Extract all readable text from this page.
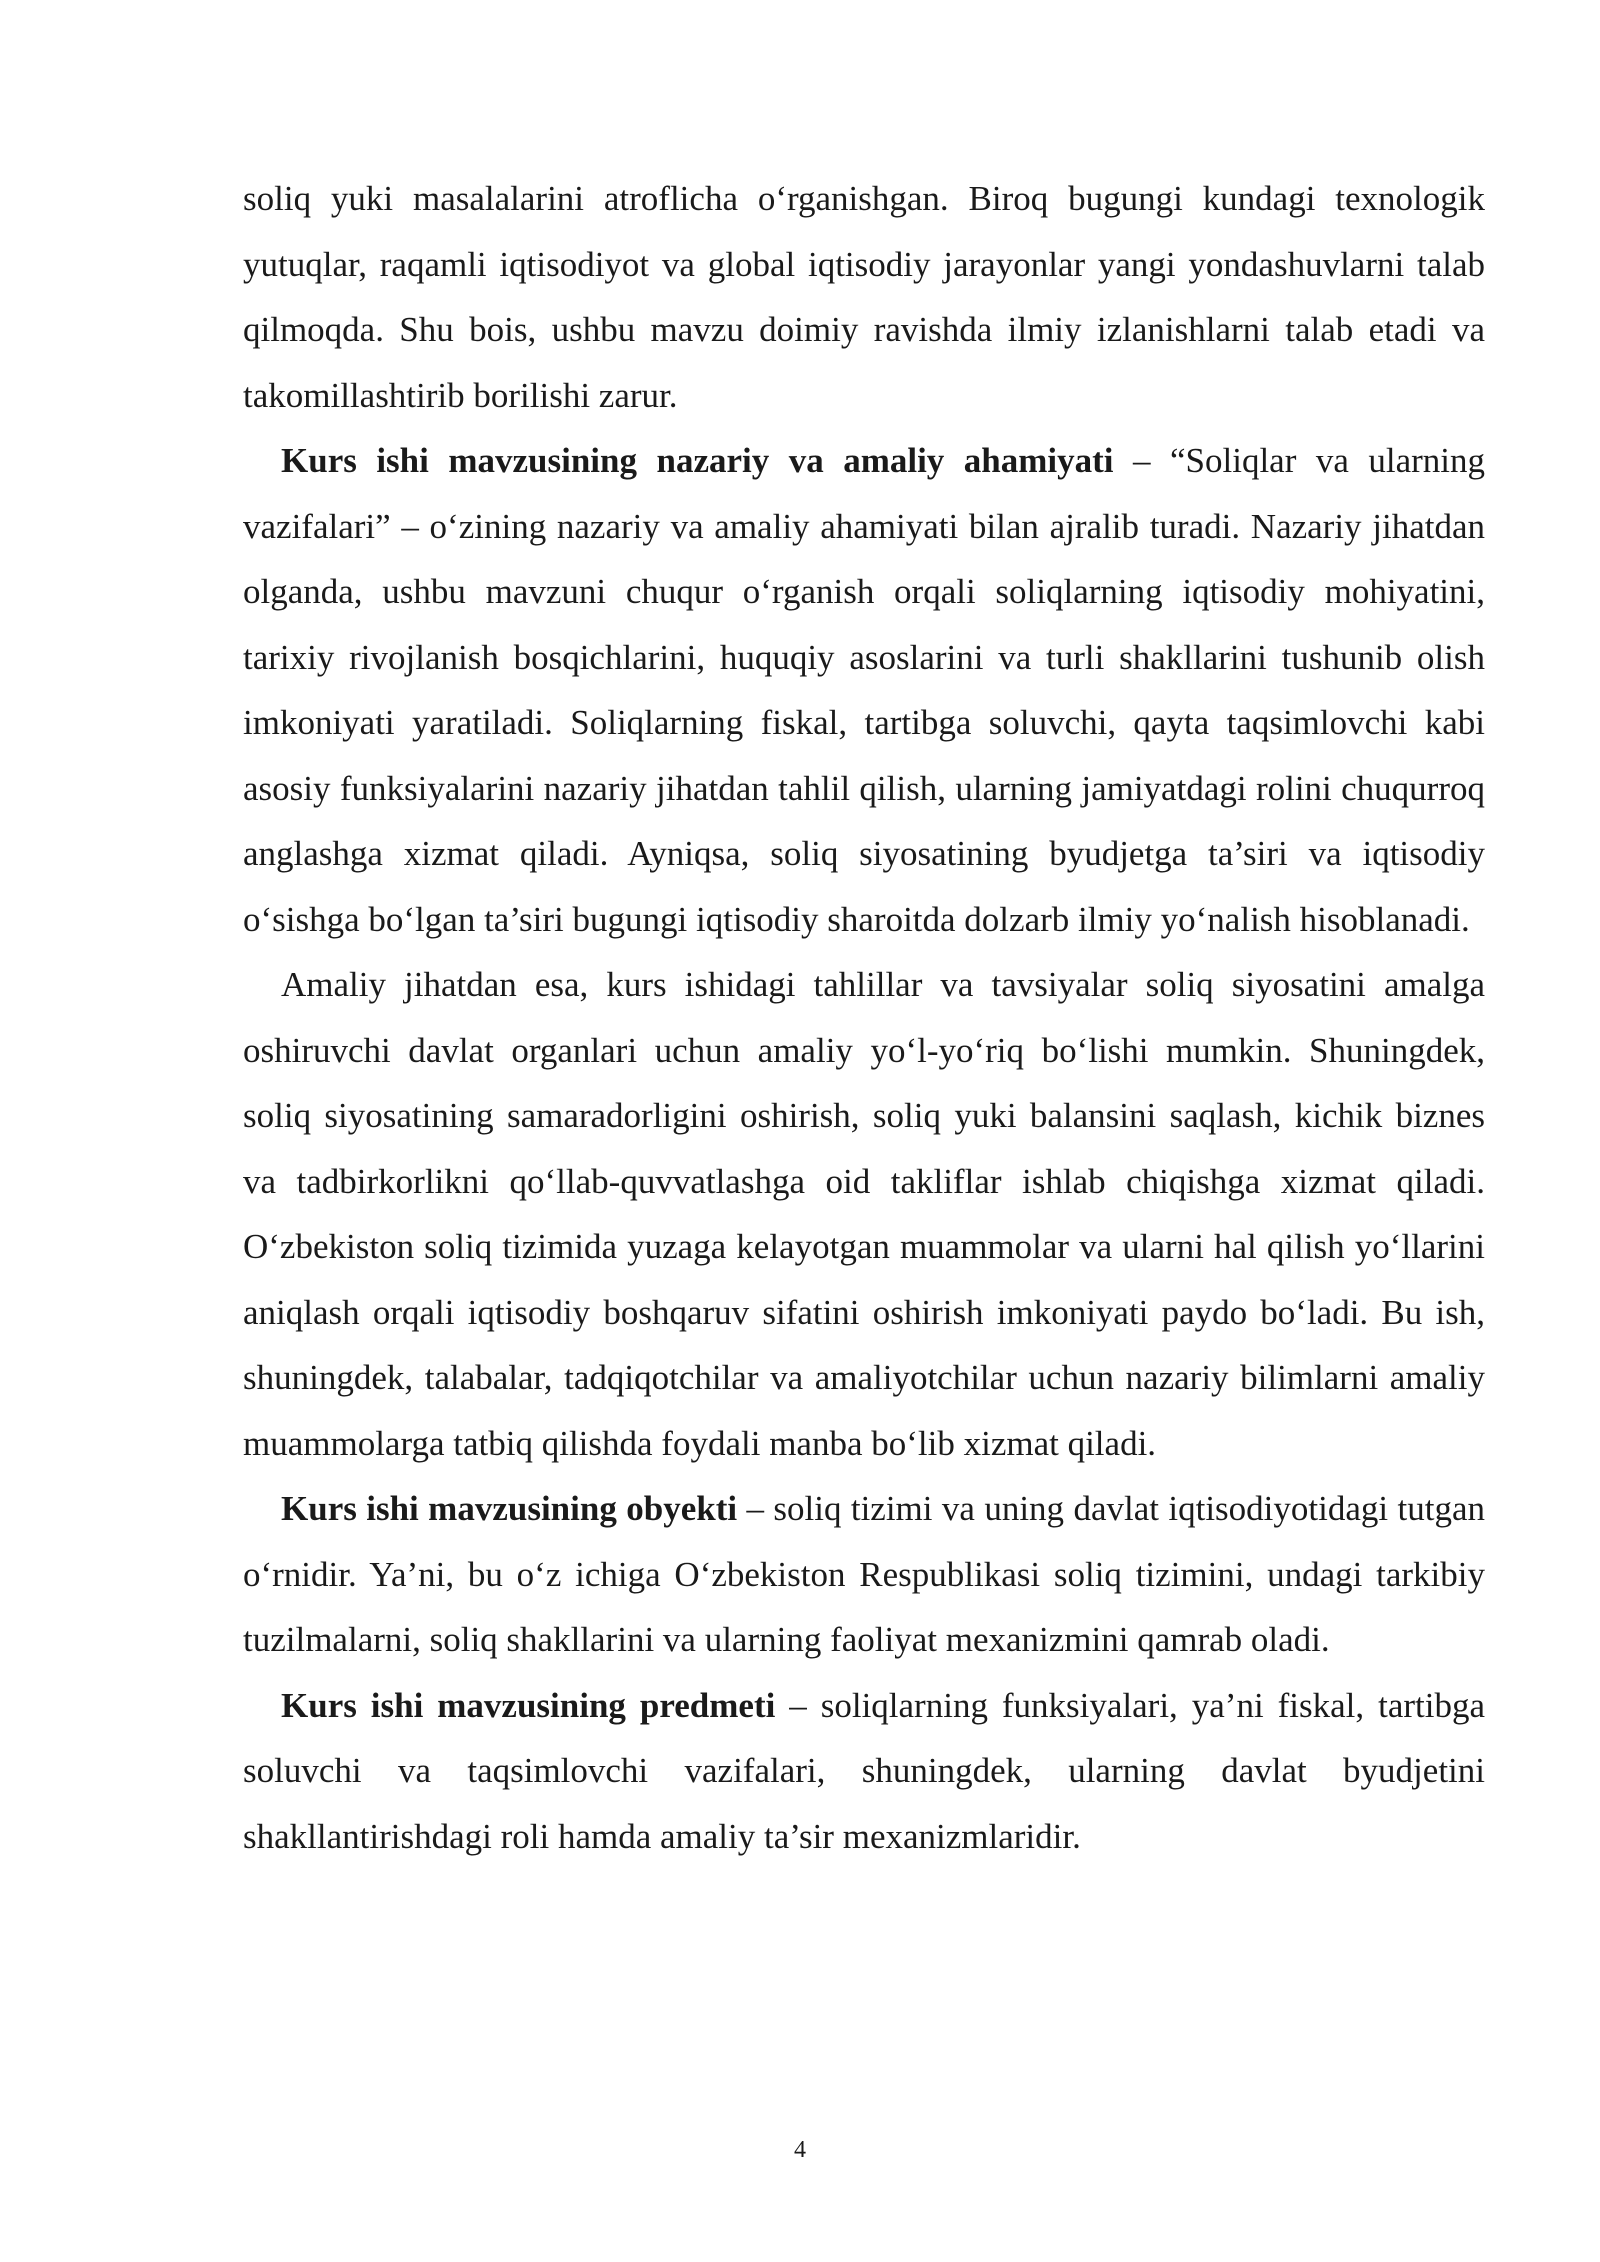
soliq yuki masalalarini atroflicha o‘rganishgan. Biroq bugungi kundagi texnologik yutuqlar, raqamli iqtisodiyot va global iqtisodiy jarayonlar yangi yondashuvlarni talab qilmoqda. Shu bois, ushbu mavzu doimiy ravishda ilmiy izlanishlarni talab etadi va takomillashtirib borilishi zarur.

Kurs ishi mavzusining nazariy va amaliy ahamiyati – “Soliqlar va ularning vazifalari” – o‘zining nazariy va amaliy ahamiyati bilan ajralib turadi. Nazariy jihatdan olganda, ushbu mavzuni chuqur o‘rganish orqali soliqlarning iqtisodiy mohiyatini, tarixiy rivojlanish bosqichlarini, huquqiy asoslarini va turli shakllarini tushunib olish imkoniyati yaratiladi. Soliqlarning fiskal, tartibga soluvchi, qayta taqsimlovchi kabi asosiy funksiyalarini nazariy jihatdan tahlil qilish, ularning jamiyatdagi rolini chuqurroq anglashga xizmat qiladi. Ayniqsa, soliq siyosatining byudjetga ta’siri va iqtisodiy o‘sishga bo‘lgan ta’siri bugungi iqtisodiy sharoitda dolzarb ilmiy yo‘nalish hisoblanadi.

Amaliy jihatdan esa, kurs ishidagi tahlillar va tavsiyalar soliq siyosatini amalga oshiruvchi davlat organlari uchun amaliy yo‘l-yo‘riq bo‘lishi mumkin. Shuningdek, soliq siyosatining samaradorligini oshirish, soliq yuki balansini saqlash, kichik biznes va tadbirkorlikni qo‘llab-quvvatlashga oid takliflar ishlab chiqishga xizmat qiladi. O‘zbekiston soliq tizimida yuzaga kelayotgan muammolar va ularni hal qilish yo‘llarini aniqlash orqali iqtisodiy boshqaruv sifatini oshirish imkoniyati paydo bo‘ladi. Bu ish, shuningdek, talabalar, tadqiqotchilar va amaliyotchilar uchun nazariy bilimlarni amaliy muammolarga tatbiq qilishda foydali manba bo‘lib xizmat qiladi.

Kurs ishi mavzusining obyekti – soliq tizimi va uning davlat iqtisodiyotidagi tutgan o‘rnidir. Ya’ni, bu o‘z ichiga O‘zbekiston Respublikasi soliq tizimini, undagi tarkibiy tuzilmalarni, soliq shakllarini va ularning faoliyat mexanizmini qamrab oladi.

Kurs ishi mavzusining predmeti – soliqlarning funksiyalari, ya’ni fiskal, tartibga soluvchi va taqsimlovchi vazifalari, shuningdek, ularning davlat byudjetini shakllantirishdagi roli hamda amaliy ta’sir mexanizmlaridir.

4
